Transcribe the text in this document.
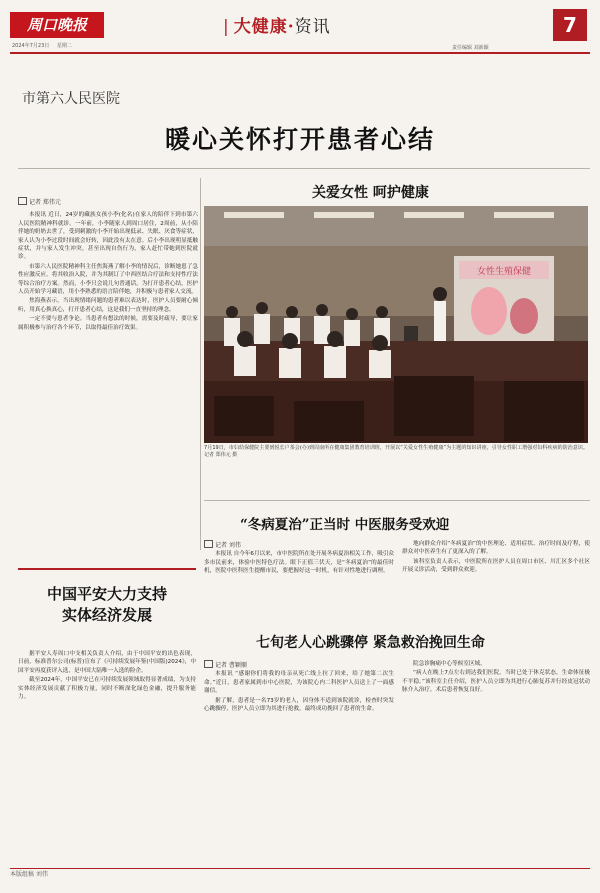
周口晚报
2024年7月23日 星期二
| 大健康·资讯
责任编辑 刘新颖
7
市第六人民医院
暖心关怀打开患者心结
记者 郑伟元

本报讯 近日，24岁的藏族女孩小李(化名)在家人的陪伴下到市第六人民医院精神科就诊。一年前，小李随家人到周口居住，2周前，从小陪伴她的奶奶去世了，受到刺激的小李开始出现低录、失眠、厌食等症状，家人认为小李过段时间就会好转，因此没有太在意。后小李出现明显抵触症状，并与家人发生冲突，甚至出现自伤行为，家人赶忙带她到医院就诊。

市第六人民医院精神科主任焦海燕了解小李的情况后，诊断她患了急性应激反应。将其收治入院，并为其制订了中西医结合疗法和支持性疗法等综合治疗方案。然而，小李只会说几句普通话，为打开患者心结，医护人员开始学习藏语，用小李熟悉的语言陪伴她，并积极与患者家人交流。

焦海燕表示，当出现情绪问题的患者难以表达时，医护人员要耐心倾听，用真心换真心，打开患者心结，这是我们一直坚持的理念。

一定不要与患者争论。当患者有想法的时候，需要及时疏导，要让家属积极参与治疗各个环节，以取得最佳治疗效果。

关爱女性 呵护健康
女性生殖保健
7月19日，市妇幼保健院主要到悦长户茶会(办)到周南所在健康集团教育培训班，开展以“关爱女性生殖健康”为主题的知识讲座，引导女性职工增强对妇科疾病的防治意识。 记者 郑伟元 摄
“冬病夏治”正当时 中医服务受欢迎
记者 刘伟

本报讯 自今年6月以来，市中医院所在处开展冬病夏治相关工作，吸引众多市民前来，体验中医特色疗法。眼下正值三伏天，是“冬病夏治”的最佳时机，医院中医科医生提醒市民，要把握好这一时机，有针对性地进行调理。

地向群众介绍“冬病夏治”的中医理论、适用症状、治疗时间及疗程，使群众对中医养生有了更深入的了解。

该科室负责人表示，中医院所在医护人员在周口市区、川汇区多个社区开展义诊活动，受到群众欢迎。

七旬老人心跳骤停 紧急救治挽回生命
记者 曹颖顺

本报讯 “感谢你们将我的母亲从死亡线上拉了回来，给了她第二次生命。”近日，患者家属到市中心医院，为该院心内二科医护人员送上了一面感谢信。

据了解，患者是一名73岁的老人，因身体不适到该院就诊，检查时突发心跳骤停，医护人员立即为其进行抢救，最终成功挽回了患者的生命。

院急诊胸痛中心等候室区域。

“病人在晚上7点左右到达我们医院，当时已处于休克状态，生命体征极不平稳。”该科室主任介绍，医护人员立即为其进行心肺复苏并行经皮冠状动脉介入治疗，术后患者恢复良好。

中国平安大力支持
实体经济发展

据平安人寿周口中支相关负责人介绍，由于中国平安的出色表现，日前，标准普尔公司(标普)宣布了《可持续发展年鉴(中国版)2024》，中国平安再度获评入选，是中国大陆唯一入选的险企。

截至2024年，中国平安已在可持续发展领域取得显著成绩，为支持实体经济发展贡献了积极力量，同时不断深化绿色金融，提升服务能力。

本版组稿 刘伟
